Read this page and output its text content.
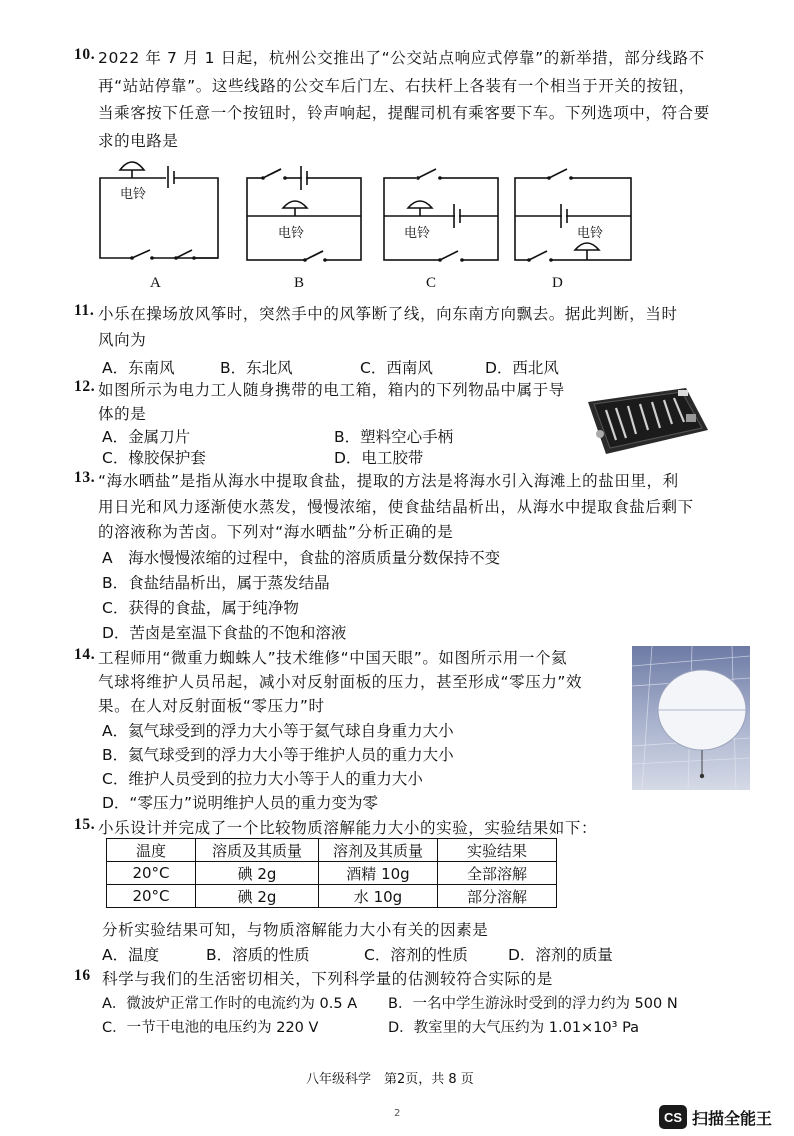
10. 2022 年 7 月 1 日起，杭州公交推出了“公交站点响应式停靠”的新举措，部分线路不
再“站站停靠”。这些线路的公交车后门左、右扶杆上各装有一个相当于开关的按钮，
当乘客按下任意一个按钮时，铃声响起，提醒司机有乘客要下车。下列选项中，符合要
求的电路是
电铃
A
电铃
B
电铃
C
电铃
D
11. 小乐在操场放风筝时，突然手中的风筝断了线，向东南方向飘去。据此判断，当时
风向为
A．东南风	B．东北风	C．西南风	D．西北风
12. 如图所示为电力工人随身携带的电工箱，箱内的下列物品中属于导
体的是
A．金属刀片	B．塑料空心手柄
C．橡胶保护套	D．电工胶带
13. “海水晒盐”是指从海水中提取食盐，提取的方法是将海水引入海滩上的盐田里，利
用日光和风力逐渐使水蒸发，慢慢浓缩，使食盐结晶析出，从海水中提取食盐后剩下
的溶液称为苦卤。下列对“海水晒盐”分析正确的是
A　海水慢慢浓缩的过程中，食盐的溶质质量分数保持不变
B．食盐结晶析出，属于蒸发结晶
C．获得的食盐，属于纯净物
D．苦卤是室温下食盐的不饱和溶液
14. 工程师用“微重力蜘蛛人”技术维修“中国天眼”。如图所示用一个氦
气球将维护人员吊起，减小对反射面板的压力，甚至形成“零压力”效
果。在人对反射面板“零压力”时
A．氦气球受到的浮力大小等于氦气球自身重力大小
B．氦气球受到的浮力大小等于维护人员的重力大小
C．维护人员受到的拉力大小等于人的重力大小
D．“零压力”说明维护人员的重力变为零
15. 小乐设计并完成了一个比较物质溶解能力大小的实验，实验结果如下：
温度	溶质及其质量	溶剂及其质量	实验结果
20°C	碘 2g	酒精 10g	全部溶解
20°C	碘 2g	水 10g	部分溶解
分析实验结果可知，与物质溶解能力大小有关的因素是
A．温度	B．溶质的性质	C．溶剂的性质	D．溶剂的质量
16 科学与我们的生活密切相关，下列科学量的估测较符合实际的是
A．微波炉正常工作时的电流约为 0.5 A B．一名中学生游泳时受到的浮力约为 500 N
C．一节干电池的电压约为 220 V	D．教室里的大气压约为 1.01×10³ Pa
八年级科学　第2页，共 8 页
2	CS 扫描全能王
